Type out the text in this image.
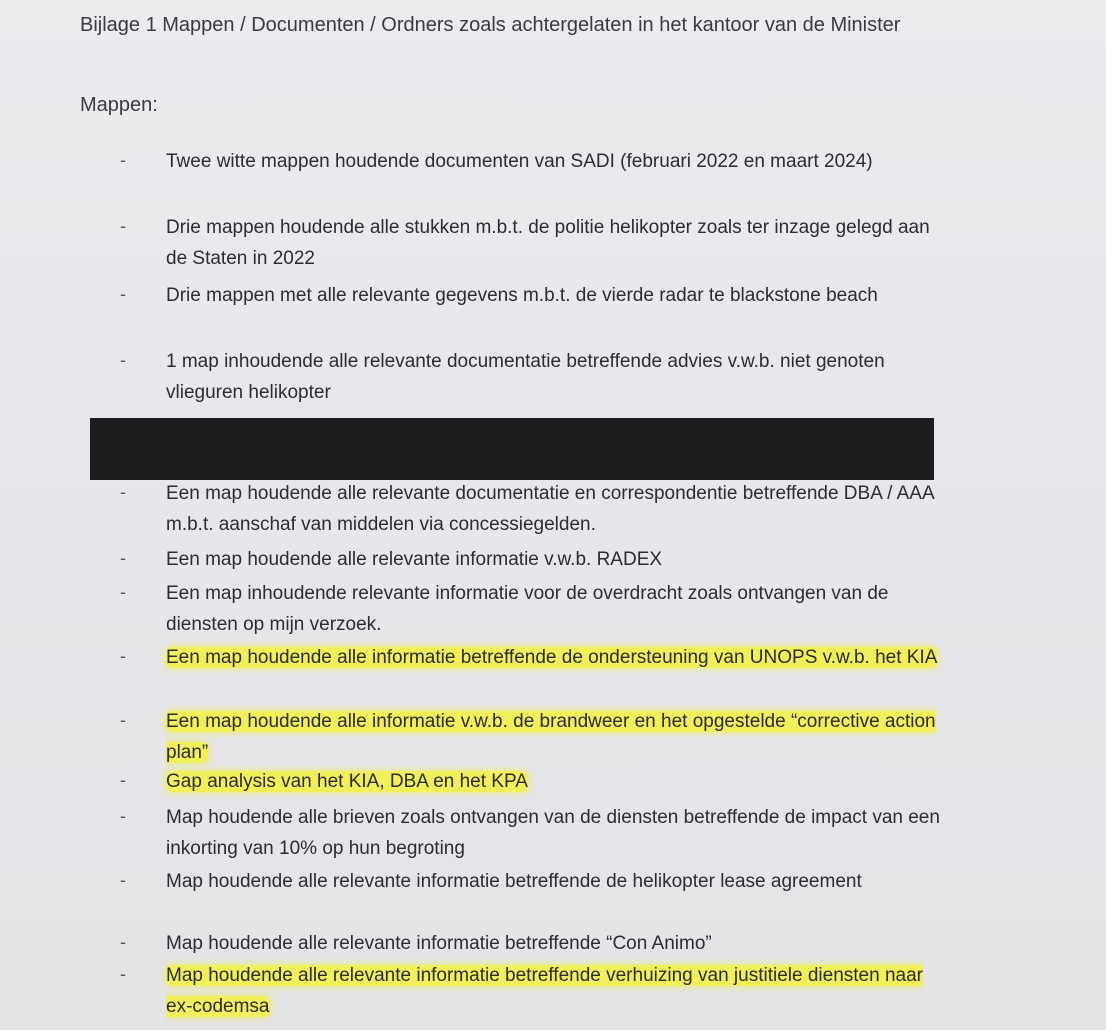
Bijlage 1 Mappen / Documenten / Ordners zoals achtergelaten in het kantoor van de Minister
Mappen:
-	Twee witte mappen houdende documenten van SADI (februari 2022 en maart 2024)
-	Drie mappen houdende alle stukken m.b.t. de politie helikopter zoals ter inzage gelegd aan de Staten in 2022
-	Drie mappen met alle relevante gegevens m.b.t. de vierde radar te blackstone beach
-	1 map inhoudende alle relevante documentatie betreffende advies v.w.b. niet genoten vlieguren helikopter
-	Een map houdende alle relevante documentatie en correspondentie betreffende DBA / AAA m.b.t. aanschaf van middelen via concessiegelden.
-	Een map houdende alle relevante informatie v.w.b. RADEX
-	Een map inhoudende relevante informatie voor de overdracht zoals ontvangen van de diensten op mijn verzoek.
-	Een map houdende alle informatie betreffende de ondersteuning van UNOPS v.w.b. het KIA
-	Een map houdende alle informatie v.w.b. de brandweer en het opgestelde “corrective action plan”
-	Gap analysis van het KIA, DBA en het KPA
-	Map houdende alle brieven zoals ontvangen van de diensten betreffende de impact van een inkorting van 10% op hun begroting
-	Map houdende alle relevante informatie betreffende de helikopter lease agreement
-	Map houdende alle relevante informatie betreffende “Con Animo”
-	Map houdende alle relevante informatie betreffende verhuizing van justitiele diensten naar ex-codemsa
